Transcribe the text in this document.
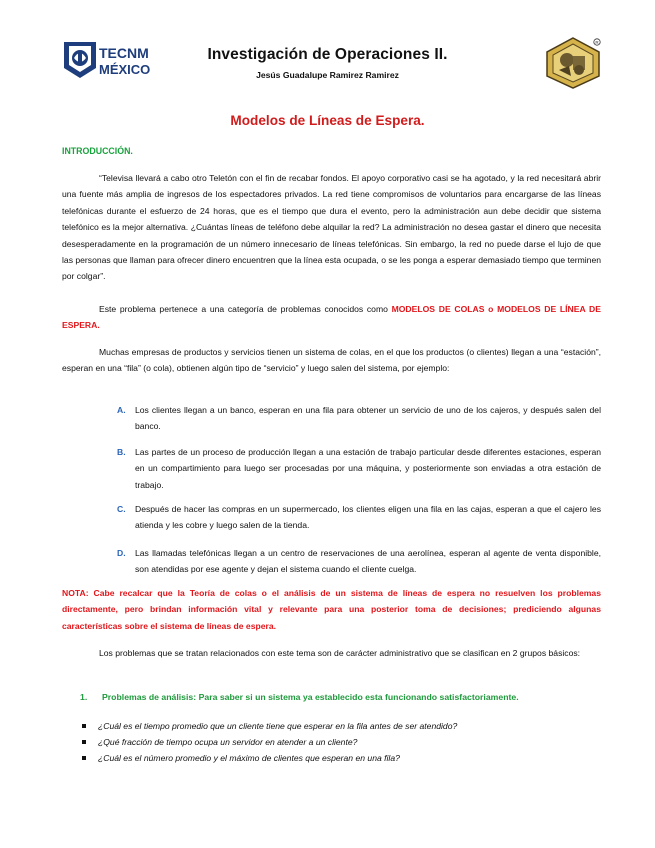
TECNM
MÉXICO
Investigación de Operaciones II.
Jesús Guadalupe Ramirez Ramirez
R
Modelos de Líneas de Espera.
INTRODUCCIÓN.

“Televisa llevará a cabo otro Teletón con el fin de recabar fondos. El apoyo corporativo casi se ha agotado, y la red necesitará abrir una fuente más amplia de ingresos de los espectadores privados. La red tiene compromisos de voluntarios para encargarse de las líneas telefónicas durante el esfuerzo de 24 horas, que es el tiempo que dura el evento, pero la administración aun debe decidir que sistema telefónico es la mejor alternativa. ¿Cuántas líneas de teléfono debe alquilar la red? La administración no desea gastar el dinero que necesita desesperadamente en la programación de un número innecesario de líneas telefónicas. Sin embargo, la red no puede darse el lujo de que las personas que llaman para ofrecer dinero encuentren que la línea esta ocupada, o se les ponga a esperar demasiado tiempo que terminen por colgar”.

Este problema pertenece a una categoría de problemas conocidos como MODELOS DE COLAS o MODELOS DE LÍNEA DE ESPERA.

Muchas empresas de productos y servicios tienen un sistema de colas, en el que los productos (o clientes) llegan a una “estación”, esperan en una “fila” (o cola), obtienen algún tipo de “servicio” y luego salen del sistema, por ejemplo:

A. Los clientes llegan a un banco, esperan en una fila para obtener un servicio de uno de los cajeros, y después salen del banco.
B. Las partes de un proceso de producción llegan a una estación de trabajo particular desde diferentes estaciones, esperan en un compartimiento para luego ser procesadas por una máquina, y posteriormente son enviadas a otra estación de trabajo.
C. Después de hacer las compras en un supermercado, los clientes eligen una fila en las cajas, esperan a que el cajero les atienda y les cobre y luego salen de la tienda.
D. Las llamadas telefónicas llegan a un centro de reservaciones de una aerolínea, esperan al agente de venta disponible, son atendidas por ese agente y dejan el sistema cuando el cliente cuelga.

NOTA: Cabe recalcar que la Teoría de colas o el análisis de un sistema de líneas de espera no resuelven los problemas directamente, pero brindan información vital y relevante para una posterior toma de decisiones; prediciendo algunas características sobre el sistema de líneas de espera.

Los problemas que se tratan relacionados con este tema son de carácter administrativo que se clasifican en 2 grupos básicos:

1. Problemas de análisis: Para saber si un sistema ya establecido esta funcionando satisfactoriamente.
¿Cuál es el tiempo promedio que un cliente tiene que esperar en la fila antes de ser atendido?
¿Qué fracción de tiempo ocupa un servidor en atender a un cliente?
¿Cuál es el número promedio y el máximo de clientes que esperan en una fila?
